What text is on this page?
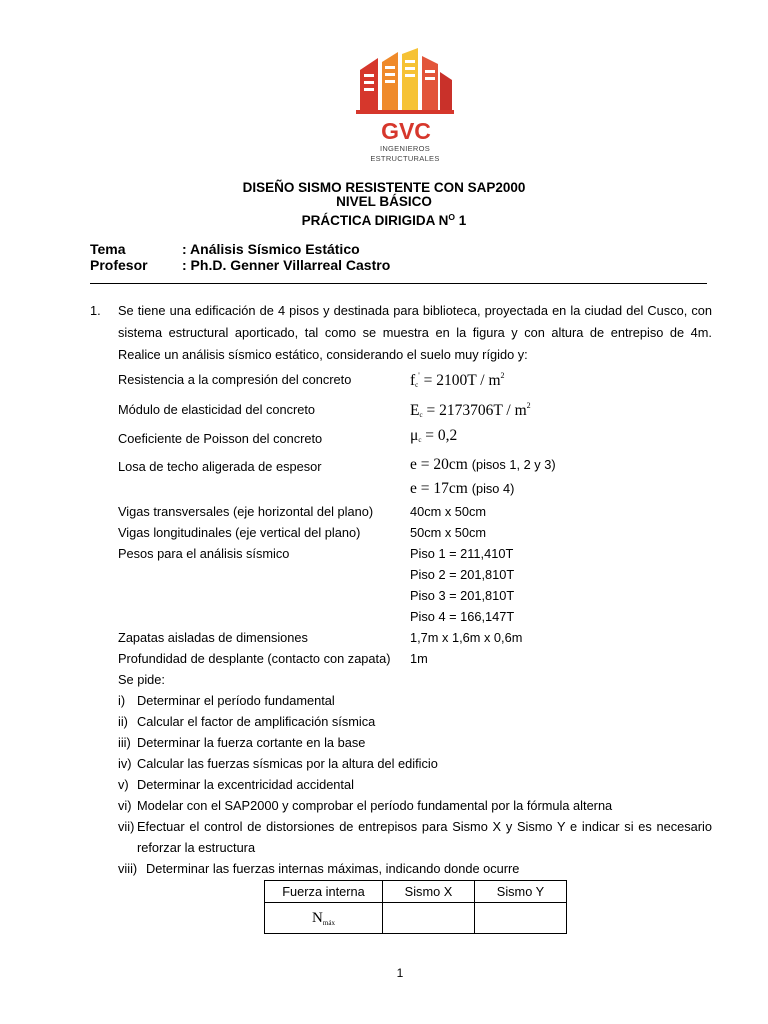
GVC
INGENIEROS
ESTRUCTURALES
DISEÑO SISMO RESISTENTE CON SAP2000
NIVEL BÁSICO
PRÁCTICA DIRIGIDA $N^O$ 1
Tema	: Análisis Sísmico Estático
Profesor : Ph.D. Genner Villarreal Castro
1. Se tiene una edificación de 4 pisos y destinada para biblioteca, proyectada en la ciudad del Cusco, con
sistema estructural aporticado, tal como se muestra en la figura y con altura de entrepiso de 4m.
Realice un análisis sísmico estático, considerando el suelo muy rígido y:
Resistencia a la compresión del concreto	$f_c' = 2100T / m^2$
Módulo de elasticidad del concreto	$E_c = 2173706T / m^2$
Coeficiente de Poisson del concreto	$\mu_c = 0,2$
Losa de techo aligerada de espesor	e = 20cm (pisos 1, 2 y 3)
e = 17cm (piso 4)
Vigas transversales (eje horizontal del plano)	40cm x 50cm
Vigas longitudinales (eje vertical del plano)	50cm x 50cm
Pesos para el análisis sísmico	Piso 1 = 211,410T
Piso 2 = 201,810T
Piso 3 = 201,810T
Piso 4 = 166,147T
Zapatas aisladas de dimensiones	1,7m x 1,6m x 0,6m
Profundidad de desplante (contacto con zapata) 1m
Se pide:
i) Determinar el período fundamental
ii) Calcular el factor de amplificación sísmica
iii) Determinar la fuerza cortante en la base
iv) Calcular las fuerzas sísmicas por la altura del edificio
v) Determinar la excentricidad accidental
vi) Modelar con el SAP2000 y comprobar el período fundamental por la fórmula alterna
vii) Efectuar el control de distorsiones de entrepisos para Sismo X y Sismo Y e indicar si es necesario
reforzar la estructura
viii) Determinar las fuerzas internas máximas, indicando donde ocurre
Fuerza interna	Sismo X	Sismo Y
$N_{máx}$		
1
